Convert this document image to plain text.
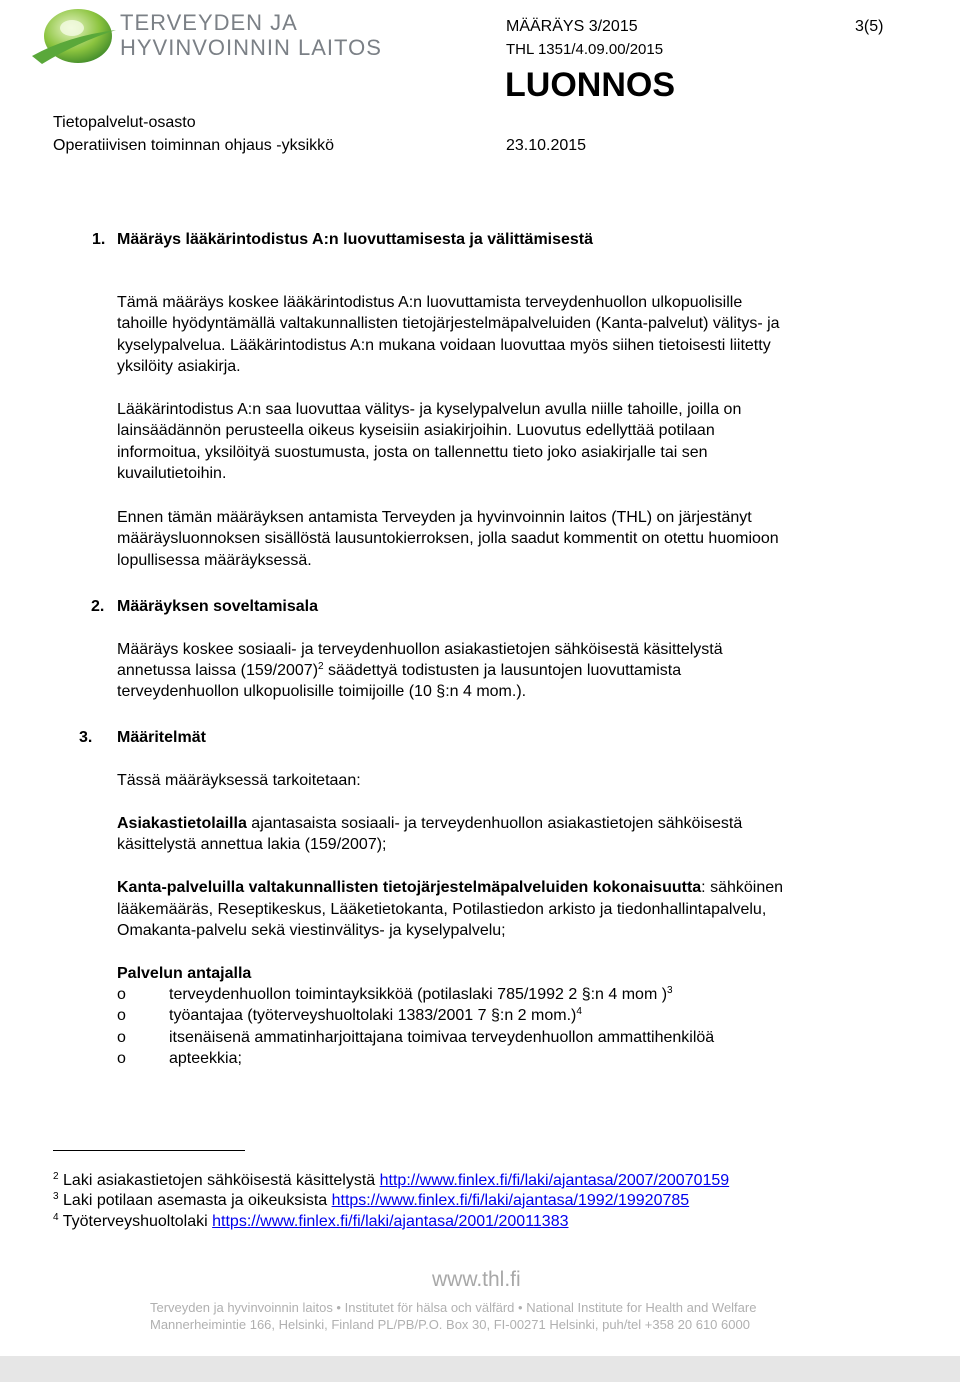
TERVEYDEN JA
HYVINVOINNIN LAITOS
MÄÄRÄYS 3/2015	3(5)
THL 1351/4.09.00/2015
LUONNOS
Tietopalvelut-osasto
Operatiivisen toiminnan ohjaus -yksikkö	23.10.2015
1. Määräys lääkärintodistus A:n luovuttamisesta ja välittämisestä
Tämä määräys koskee lääkärintodistus A:n luovuttamista terveydenhuollon ulkopuolisille
tahoille hyödyntämällä valtakunnallisten tietojärjestelmäpalveluiden (Kanta-palvelut) välitys- ja
kyselypalvelua. Lääkärintodistus A:n mukana voidaan luovuttaa myös siihen tietoisesti liitetty
yksilöity asiakirja.
Lääkärintodistus A:n saa luovuttaa välitys- ja kyselypalvelun avulla niille tahoille, joilla on
lainsäädännön perusteella oikeus kyseisiin asiakirjoihin. Luovutus edellyttää potilaan
informoitua, yksilöityä suostumusta, josta on tallennettu tieto joko asiakirjalle tai sen
kuvailutietoihin.
Ennen tämän määräyksen antamista Terveyden ja hyvinvoinnin laitos (THL) on järjestänyt
määräysluonnoksen sisällöstä lausuntokierroksen, jolla saadut kommentit on otettu huomioon
lopullisessa määräyksessä.
2. Määräyksen soveltamisala
Määräys koskee sosiaali- ja terveydenhuollon asiakastietojen sähköisestä käsittelystä
annetussa laissa $(159/2007)^2$ säädettyä todistusten ja lausuntojen luovuttamista
terveydenhuollon ulkopuolisille toimijoille (10 §:n 4 mom.).
3. Määritelmät
Tässä määräyksessä tarkoitetaan:
Asiakastietolailla ajantasaista sosiaali- ja terveydenhuollon asiakastietojen sähköisestä
käsittelystä annettua lakia (159/2007);
Kanta-palveluilla valtakunnallisten tietojärjestelmäpalveluiden kokonaisuutta: sähköinen
lääkemääräs, Reseptikeskus, Lääketietokanta, Potilastiedon arkisto ja tiedonhallintapalvelu,
Omakanta-palvelu sekä viestinvälitys- ja kyselypalvelu;
Palvelun antajalla
o	terveydenhuollon toimintayksikköä (potilaslaki 785/1992 2 §:n 4 mom )$^3$
o	työantajaa (työterveyshuoltolaki 1383/2001 7 §:n 2 mom.)$^4$
o	itsenäisenä ammatinharjoittajana toimivaa terveydenhuollon ammattihenkilöä
o	apteekkia;
$^2$ Laki asiakastietojen sähköisestä käsittelystä http://www.finlex.fi/fi/laki/ajantasa/2007/20070159
$^3$ Laki potilaan asemasta ja oikeuksista https://www.finlex.fi/fi/laki/ajantasa/1992/19920785
$^4$ Työterveyshuoltolaki https://www.finlex.fi/fi/laki/ajantasa/2001/20011383
www.thl.fi
Terveyden ja hyvinvoinnin laitos • Institutet för hälsa och välfärd • National Institute for Health and Welfare
Mannerheimintie 166, Helsinki, Finland PL/PB/P.O. Box 30, FI-00271 Helsinki, puh/tel +358 20 610 6000
